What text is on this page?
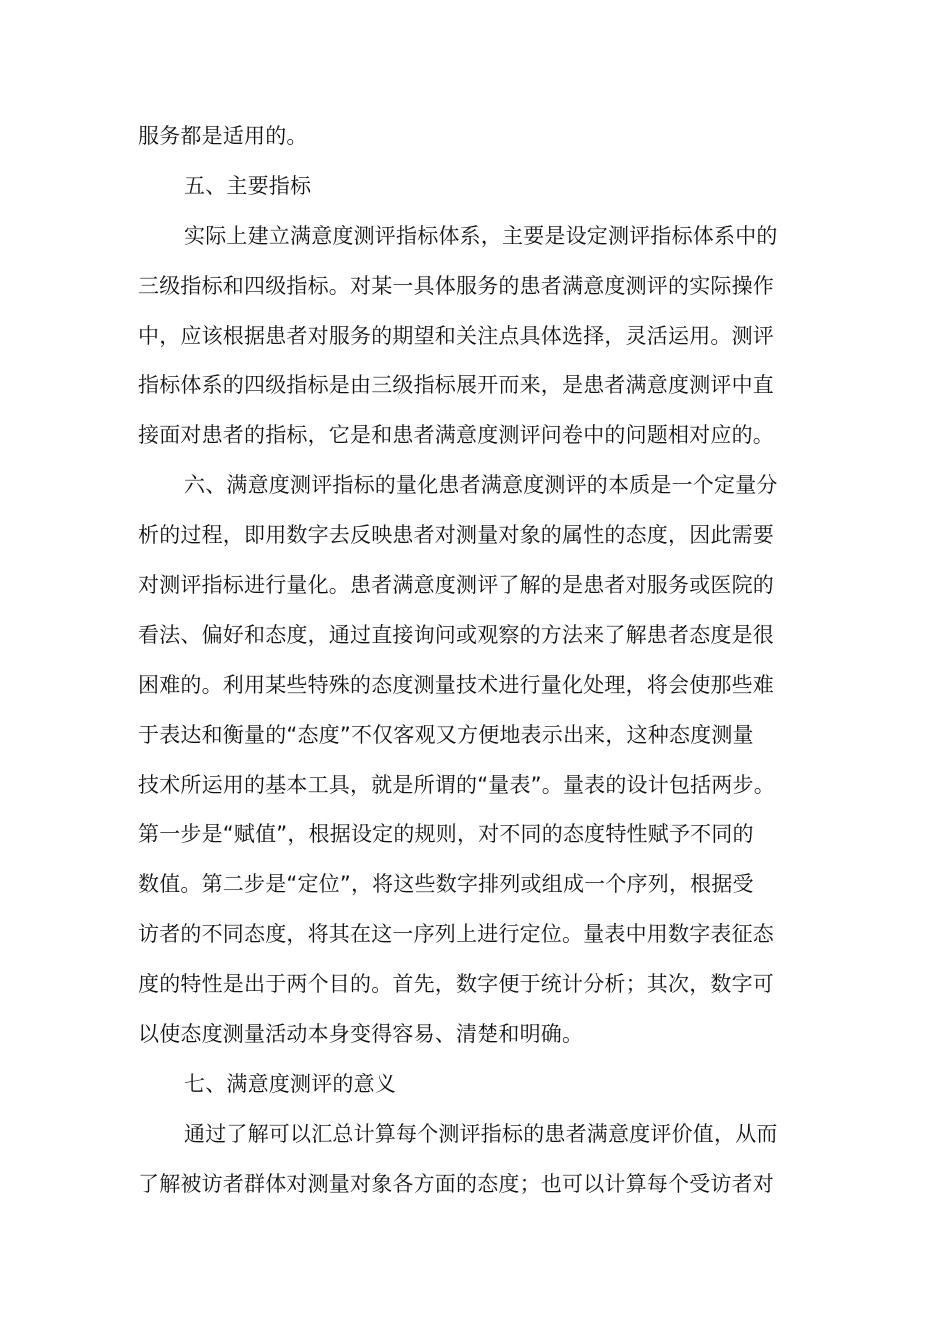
服务都是适用的。
五、主要指标
实际上建立满意度测评指标体系，主要是设定测评指标体系中的
三级指标和四级指标。对某一具体服务的患者满意度测评的实际操作
中，应该根据患者对服务的期望和关注点具体选择，灵活运用。测评
指标体系的四级指标是由三级指标展开而来，是患者满意度测评中直
接面对患者的指标，它是和患者满意度测评问卷中的问题相对应的。
六、满意度测评指标的量化患者满意度测评的本质是一个定量分
析的过程，即用数字去反映患者对测量对象的属性的态度，因此需要
对测评指标进行量化。患者满意度测评了解的是患者对服务或医院的
看法、偏好和态度，通过直接询问或观察的方法来了解患者态度是很
困难的。利用某些特殊的态度测量技术进行量化处理，将会使那些难
于表达和衡量的“态度”不仅客观又方便地表示出来，这种态度测量
技术所运用的基本工具，就是所谓的“量表”。量表的设计包括两步。
第一步是“赋值”，根据设定的规则，对不同的态度特性赋予不同的
数值。第二步是“定位”，将这些数字排列或组成一个序列，根据受
访者的不同态度，将其在这一序列上进行定位。量表中用数字表征态
度的特性是出于两个目的。首先，数字便于统计分析；其次，数字可
以使态度测量活动本身变得容易、清楚和明确。
七、满意度测评的意义
通过了解可以汇总计算每个测评指标的患者满意度评价值，从而
了解被访者群体对测量对象各方面的态度；也可以计算每个受访者对
